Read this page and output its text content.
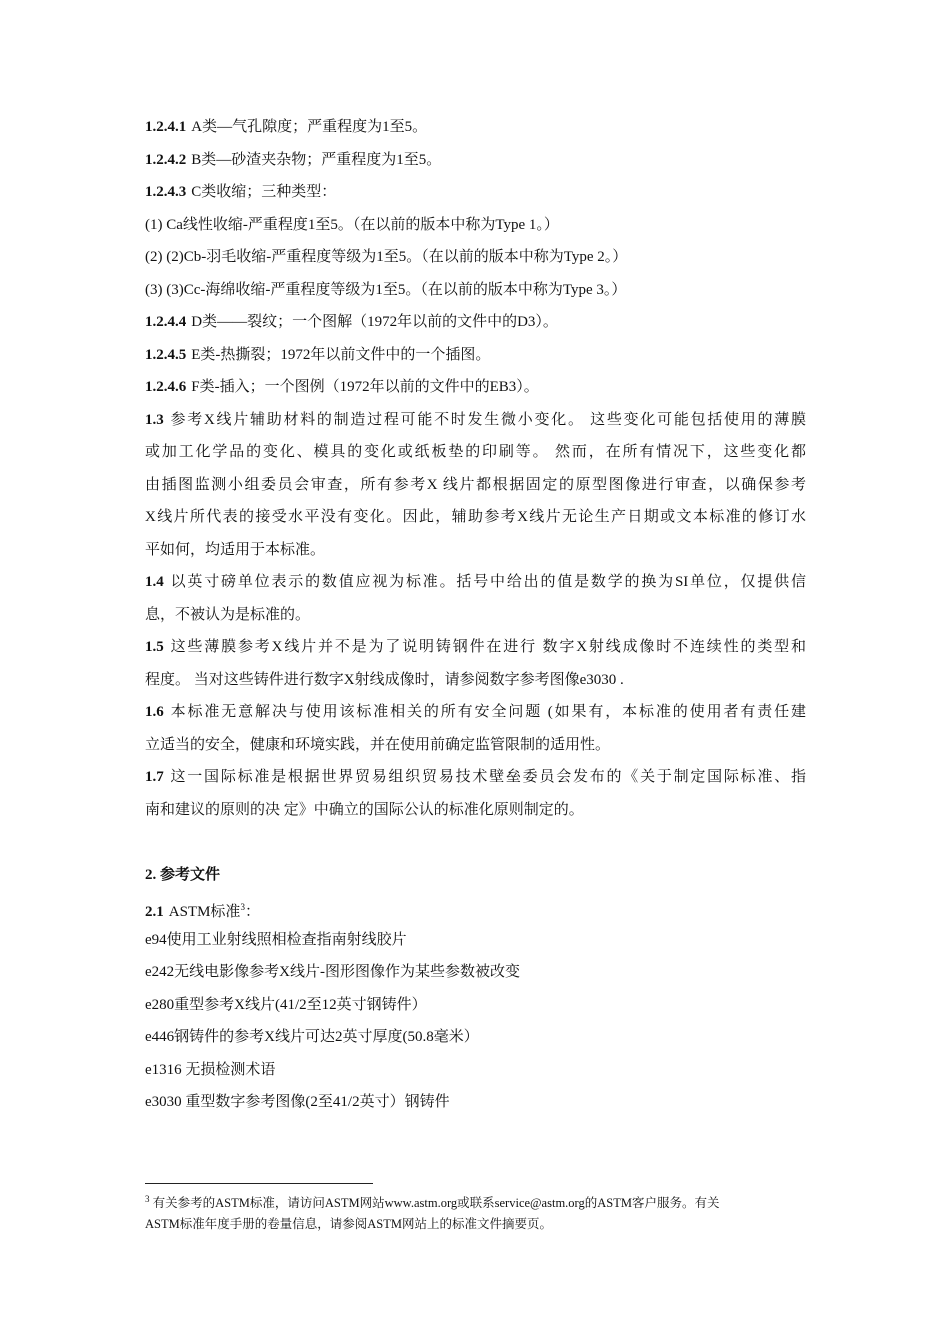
1.2.4.1 A类—气孔隙度；严重程度为1至5。
1.2.4.2 B类—砂渣夹杂物；严重程度为1至5。
1.2.4.3 C类收缩；三种类型：
(1) Ca线性收缩-严重程度1至5。（在以前的版本中称为Type 1。）
(2) (2)Cb-羽毛收缩-严重程度等级为1至5。（在以前的版本中称为Type 2。）
(3) (3)Cc-海绵收缩-严重程度等级为1至5。（在以前的版本中称为Type 3。）
1.2.4.4 D类——裂纹；一个图解（1972年以前的文件中的D3）。
1.2.4.5 E类-热撕裂；1972年以前文件中的一个插图。
1.2.4.6 F类-插入；一个图例（1972年以前的文件中的EB3）。
1.3 参考X线片辅助材料的制造过程可能不时发生微小变化。 这些变化可能包括使用的薄膜
或加工化学品的变化、模具的变化或纸板垫的印刷等。 然而，在所有情况下，这些变化都
由插图监测小组委员会审查，所有参考X 线片都根据固定的原型图像进行审查，以确保参考
X线片所代表的接受水平没有变化。因此，辅助参考X线片无论生产日期或文本标准的修订水
平如何，均适用于本标准。
1.4 以英寸磅单位表示的数值应视为标准。括号中给出的值是数学的换为SI单位，仅提供信
息，不被认为是标准的。
1.5 这些薄膜参考X线片并不是为了说明铸钢件在进行 数字X射线成像时不连续性的类型和
程度。 当对这些铸件进行数字X射线成像时，请参阅数字参考图像e3030 .
1.6 本标准无意解决与使用该标准相关的所有安全问题 (如果有，本标准的使用者有责任建
立适当的安全，健康和环境实践，并在使用前确定监管限制的适用性。
1.7 这一国际标准是根据世界贸易组织贸易技术壁垒委员会发布的《关于制定国际标准、指
南和建议的原则的决 定》中确立的国际公认的标准化原则制定的。
2. 参考文件
2.1 ASTM标准$^3$：
e94使用工业射线照相检查指南射线胶片
e242无线电影像参考X线片-图形图像作为某些参数被改变
e280重型参考X线片(41/2至12英寸钢铸件）
e446钢铸件的参考X线片可达2英寸厚度(50.8毫米）
e1316 无损检测术语
e3030 重型数字参考图像(2至41/2英寸）钢铸件
$^3$ 有关参考的ASTM标准，请访问ASTM网站www.astm.org或联系service@astm.org的ASTM客户服务。有关
ASTM标准年度手册的卷量信息，请参阅ASTM网站上的标准文件摘要页。
